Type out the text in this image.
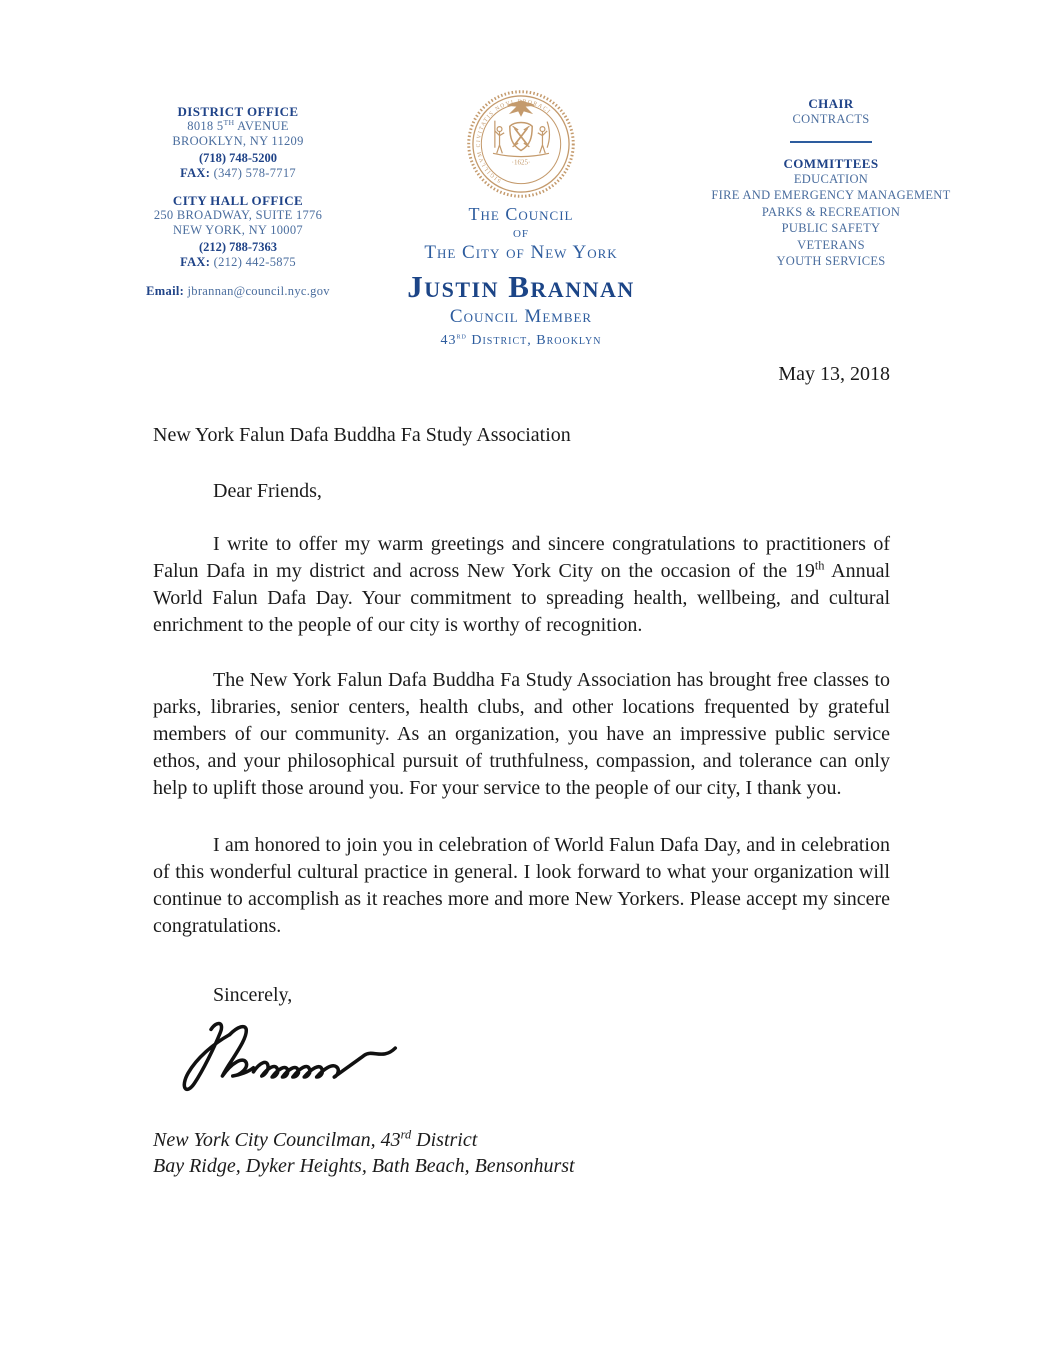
DISTRICT OFFICE
8018 5TH AVENUE
BROOKLYN, NY 11209
(718) 748-5200
FAX: (347) 578-7717
CITY HALL OFFICE
250 BROADWAY, SUITE 1776
NEW YORK, NY 10007
(212) 788-7363
FAX: (212) 442-5875
Email: jbrannan@council.nyc.gov
·1625·
SIGILLVM CIVITATIS NOVI EBORACI
The Council
of
The City of New York
Justin Brannan
Council Member
43rd District, Brooklyn
CHAIR
CONTRACTS
COMMITTEES
EDUCATION
FIRE AND EMERGENCY MANAGEMENT
PARKS & RECREATION
PUBLIC SAFETY
VETERANS
YOUTH SERVICES
May 13, 2018
New York Falun Dafa Buddha Fa Study Association
Dear Friends,

I write to offer my warm greetings and sincere congratulations to practitioners of Falun Dafa in my district and across New York City on the occasion of the 19th Annual World Falun Dafa Day. Your commitment to spreading health, wellbeing, and cultural enrichment to the people of our city is worthy of recognition.

The New York Falun Dafa Buddha Fa Study Association has brought free classes to parks, libraries, senior centers, health clubs, and other locations frequented by grateful members of our community. As an organization, you have an impressive public service ethos, and your philosophical pursuit of truthfulness, compassion, and tolerance can only help to uplift those around you. For your service to the people of our city, I thank you.

I am honored to join you in celebration of World Falun Dafa Day, and in celebration of this wonderful cultural practice in general. I look forward to what your organization will continue to accomplish as it reaches more and more New Yorkers. Please accept my sincere congratulations.

Sincerely,
New York City Councilman, 43rd District
Bay Ridge, Dyker Heights, Bath Beach, Bensonhurst
